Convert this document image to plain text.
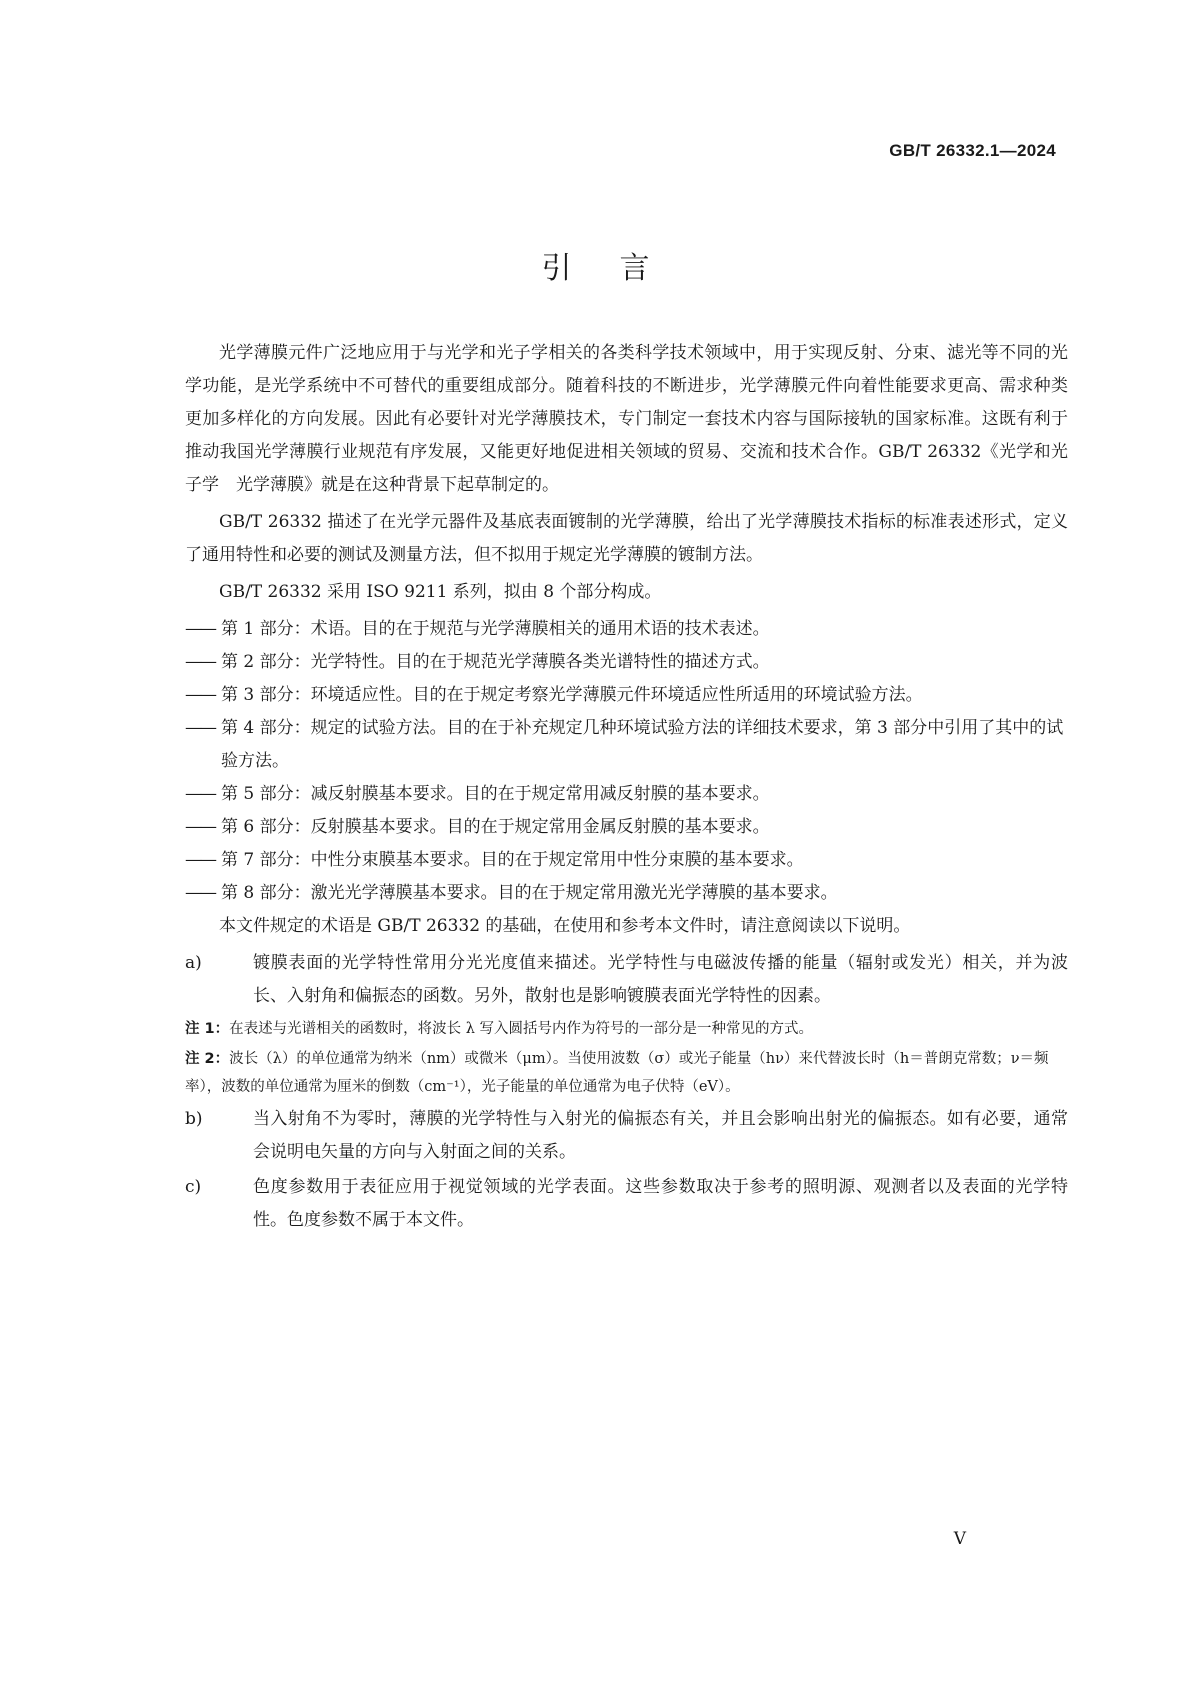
GB/T 26332.1—2024
引言

光学薄膜元件广泛地应用于与光学和光子学相关的各类科学技术领域中，用于实现反射、分束、滤光等不同的光学功能，是光学系统中不可替代的重要组成部分。随着科技的不断进步，光学薄膜元件向着性能要求更高、需求种类更加多样化的方向发展。因此有必要针对光学薄膜技术，专门制定一套技术内容与国际接轨的国家标准。这既有利于推动我国光学薄膜行业规范有序发展，又能更好地促进相关领域的贸易、交流和技术合作。GB/T 26332《光学和光子学　光学薄膜》就是在这种背景下起草制定的。

GB/T 26332 描述了在光学元器件及基底表面镀制的光学薄膜，给出了光学薄膜技术指标的标准表述形式，定义了通用特性和必要的测试及测量方法，但不拟用于规定光学薄膜的镀制方法。

GB/T 26332 采用 ISO 9211 系列，拟由 8 个部分构成。

—— 第 1 部分：术语。目的在于规范与光学薄膜相关的通用术语的技术表述。
—— 第 2 部分：光学特性。目的在于规范光学薄膜各类光谱特性的描述方式。
—— 第 3 部分：环境适应性。目的在于规定考察光学薄膜元件环境适应性所适用的环境试验方法。
—— 第 4 部分：规定的试验方法。目的在于补充规定几种环境试验方法的详细技术要求，第 3 部分中引用了其中的试验方法。
—— 第 5 部分：减反射膜基本要求。目的在于规定常用减反射膜的基本要求。
—— 第 6 部分：反射膜基本要求。目的在于规定常用金属反射膜的基本要求。
—— 第 7 部分：中性分束膜基本要求。目的在于规定常用中性分束膜的基本要求。
—— 第 8 部分：激光光学薄膜基本要求。目的在于规定常用激光光学薄膜的基本要求。

本文件规定的术语是 GB/T 26332 的基础，在使用和参考本文件时，请注意阅读以下说明。

a)	镀膜表面的光学特性常用分光光度值来描述。光学特性与电磁波传播的能量（辐射或发光）相关，并为波长、入射角和偏振态的函数。另外，散射也是影响镀膜表面光学特性的因素。
注 1：在表述与光谱相关的函数时，将波长 λ 写入圆括号内作为符号的一部分是一种常见的方式。
注 2：波长（λ）的单位通常为纳米（nm）或微米（μm）。当使用波数（σ）或光子能量（hν）来代替波长时（h＝普朗克常数；ν＝频率），波数的单位通常为厘米的倒数（cm⁻¹），光子能量的单位通常为电子伏特（eV）。
b)	当入射角不为零时，薄膜的光学特性与入射光的偏振态有关，并且会影响出射光的偏振态。如有必要，通常会说明电矢量的方向与入射面之间的关系。
c)	色度参数用于表征应用于视觉领域的光学表面。这些参数取决于参考的照明源、观测者以及表面的光学特性。色度参数不属于本文件。
V
